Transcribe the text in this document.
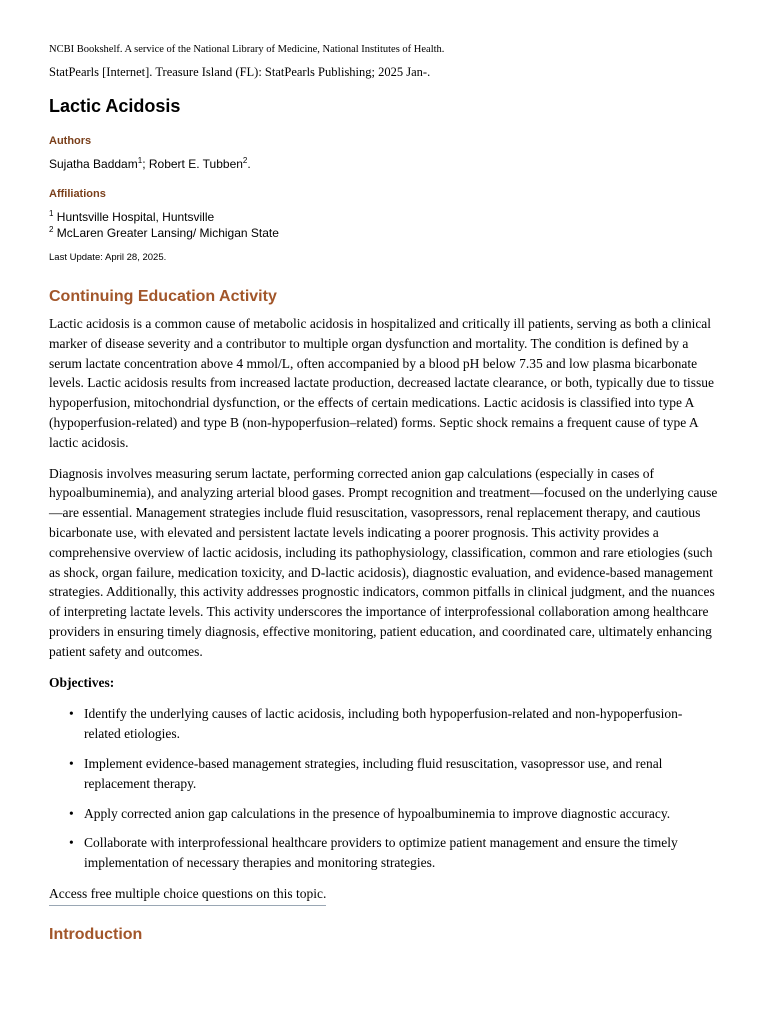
NCBI Bookshelf. A service of the National Library of Medicine, National Institutes of Health.
StatPearls [Internet]. Treasure Island (FL): StatPearls Publishing; 2025 Jan-.
Lactic Acidosis
Authors
Sujatha Baddam$^1$; Robert E. Tubben$^2$.
Affiliations
$^1$ Huntsville Hospital, Huntsville
$^2$ McLaren Greater Lansing/ Michigan State
Last Update: April 28, 2025.
Continuing Education Activity

Lactic acidosis is a common cause of metabolic acidosis in hospitalized and critically ill patients, serving as both a clinical marker of disease severity and a contributor to multiple organ dysfunction and mortality. The condition is defined by a serum lactate concentration above 4 mmol/L, often accompanied by a blood pH below 7.35 and low plasma bicarbonate levels. Lactic acidosis results from increased lactate production, decreased lactate clearance, or both, typically due to tissue hypoperfusion, mitochondrial dysfunction, or the effects of certain medications. Lactic acidosis is classified into type A (hypoperfusion-related) and type B (non-hypoperfusion–related) forms. Septic shock remains a frequent cause of type A lactic acidosis.

Diagnosis involves measuring serum lactate, performing corrected anion gap calculations (especially in cases of hypoalbuminemia), and analyzing arterial blood gases. Prompt recognition and treatment—focused on the underlying cause—are essential. Management strategies include fluid resuscitation, vasopressors, renal replacement therapy, and cautious bicarbonate use, with elevated and persistent lactate levels indicating a poorer prognosis. This activity provides a comprehensive overview of lactic acidosis, including its pathophysiology, classification, common and rare etiologies (such as shock, organ failure, medication toxicity, and D-lactic acidosis), diagnostic evaluation, and evidence-based management strategies. Additionally, this activity addresses prognostic indicators, common pitfalls in clinical judgment, and the nuances of interpreting lactate levels. This activity underscores the importance of interprofessional collaboration among healthcare providers in ensuring timely diagnosis, effective monitoring, patient education, and coordinated care, ultimately enhancing patient safety and outcomes.

Objectives:
• Identify the underlying causes of lactic acidosis, including both hypoperfusion-related and non-hypoperfusion-related etiologies.
• Implement evidence-based management strategies, including fluid resuscitation, vasopressor use, and renal replacement therapy.
• Apply corrected anion gap calculations in the presence of hypoalbuminemia to improve diagnostic accuracy.
• Collaborate with interprofessional healthcare providers to optimize patient management and ensure the timely implementation of necessary therapies and monitoring strategies.
Access free multiple choice questions on this topic.
Introduction
